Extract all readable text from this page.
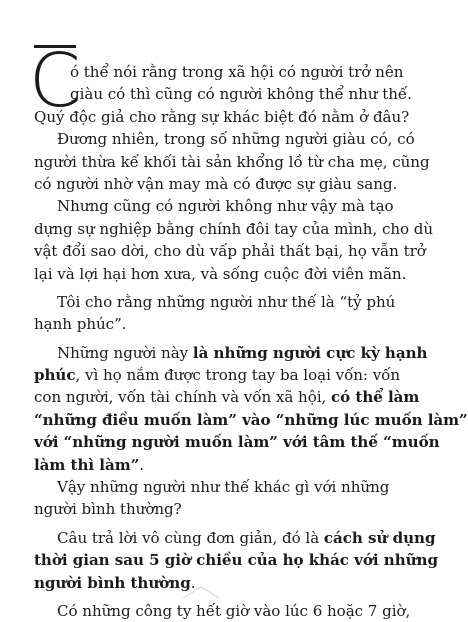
C
ó thể nói rằng trong xã hội có người trở nên
giàu có thì cũng có người không thể như thế.
Quý độc giả cho rằng sự khác biệt đó nằm ở đâu?
Đương nhiên, trong số những người giàu có, có
người thừa kế khối tài sản khổng lồ từ cha mẹ, cũng
có người nhờ vận may mà có được sự giàu sang.
Nhưng cũng có người không như vậy mà tạo
dựng sự nghiệp bằng chính đôi tay của mình, cho dù
vật đổi sao dời, cho dù vấp phải thất bại, họ vẫn trở
lại và lợi hại hơn xưa, và sống cuộc đời viên mãn.
Tôi cho rằng những người như thế là “tỷ phú
hạnh phúc”.
Những người này là những người cực kỳ hạnh
phúc, vì họ nắm được trong tay ba loại vốn: vốn
con người, vốn tài chính và vốn xã hội, có thể làm
“những điều muốn làm” vào “những lúc muốn làm”
với “những người muốn làm” với tâm thế “muốn
làm thì làm”.
Vậy những người như thế khác gì với những
người bình thường?
Câu trả lời vô cùng đơn giản, đó là cách sử dụng
thời gian sau 5 giờ chiều của họ khác với những
người bình thường.
Có những công ty hết giờ vào lúc 6 hoặc 7 giờ,
